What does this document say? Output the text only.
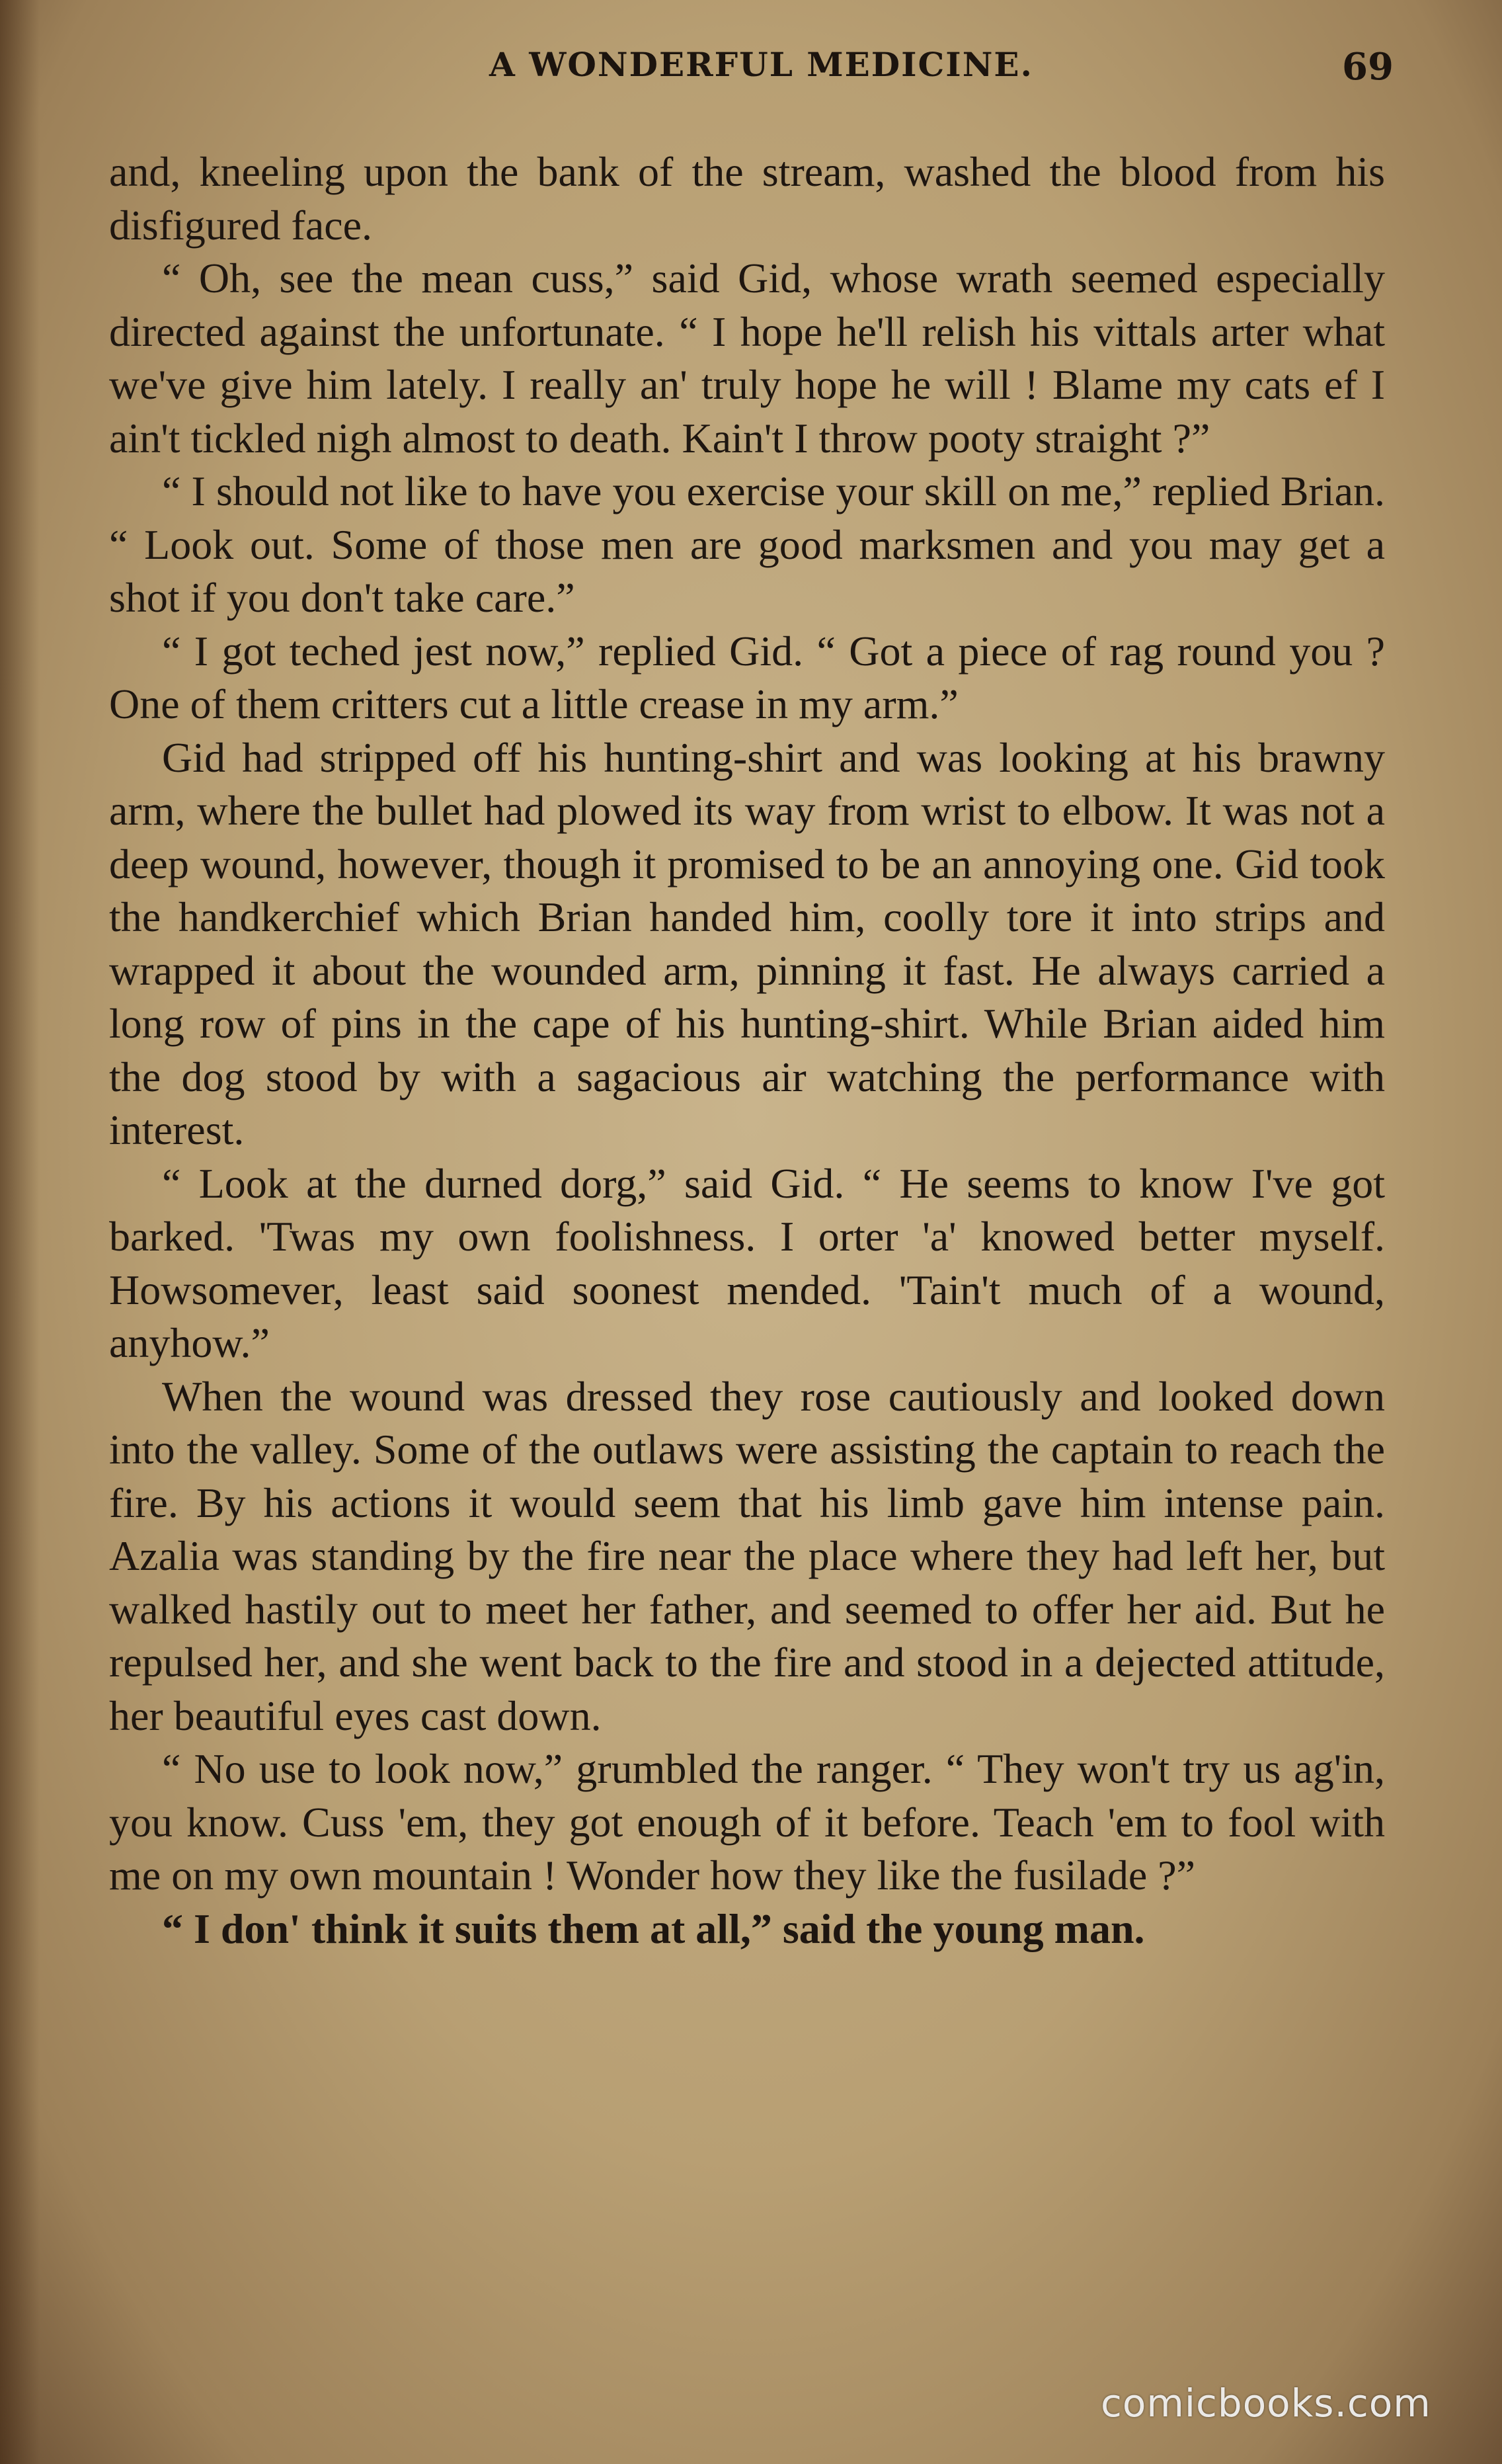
A WONDERFUL MEDICINE.	69

and, kneeling upon the bank of the stream, washed the blood from his disfigured face.

“ Oh, see the mean cuss,” said Gid, whose wrath seemed especially directed against the unfortunate. “ I hope he'll relish his vittals arter what we've give him lately. I really an' truly hope he will ! Blame my cats ef I ain't tickled nigh almost to death. Kain't I throw pooty straight ?”

“ I should not like to have you exercise your skill on me,” replied Brian. “ Look out. Some of those men are good marksmen and you may get a shot if you don't take care.”

“ I got teched jest now,” replied Gid. “ Got a piece of rag round you ? One of them critters cut a little crease in my arm.”

Gid had stripped off his hunting-shirt and was looking at his brawny arm, where the bullet had plowed its way from wrist to elbow. It was not a deep wound, however, though it promised to be an annoying one. Gid took the handkerchief which Brian handed him, coolly tore it into strips and wrapped it about the wounded arm, pinning it fast. He always carried a long row of pins in the cape of his hunting-shirt. While Brian aided him the dog stood by with a sagacious air watching the performance with interest.

“ Look at the durned dorg,” said Gid. “ He seems to know I've got barked. 'Twas my own foolishness. I orter 'a' knowed better myself. Howsomever, least said soonest mended. 'Tain't much of a wound, anyhow.”

When the wound was dressed they rose cautiously and looked down into the valley. Some of the outlaws were assisting the captain to reach the fire. By his actions it would seem that his limb gave him intense pain. Azalia was standing by the fire near the place where they had left her, but walked hastily out to meet her father, and seemed to offer her aid. But he repulsed her, and she went back to the fire and stood in a dejected attitude, her beautiful eyes cast down.

“ No use to look now,” grumbled the ranger. “ They won't try us ag'in, you know. Cuss 'em, they got enough of it before. Teach 'em to fool with me on my own mountain ! Wonder how they like the fusilade ?”

“ I don' think it suits them at all,” said the young man.

comicbooks.com
